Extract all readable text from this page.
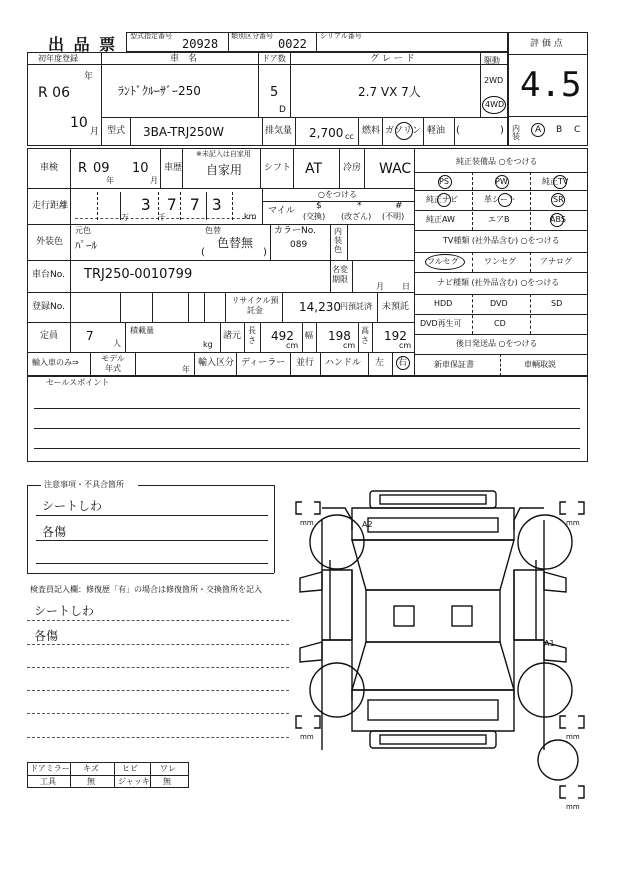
出 品 票 型式指定番号
20928
類別区分番号
0022
シリアル番号
評 価 点
4.5
内装
A B C
初年度登録
R 06
年
10
月
車　名
ﾗﾝﾄﾞｸﾙｰｻﾞｰ250
ドア数
5
D
グ レ ー ド
2.7 VX 7人
駆動
2WD
4WD
型式 3BA-TRJ250W	排気量 2,700 cc
燃料 ガソリン 軽油 (	)
車検 R 09
年
10
月
車歴
※未記入は自家用
自家用 シフト AT 冷房 WAC
走行距離
万
3
千
7 7 3
km
○をつける
マイル $
(交換)
*
(改ざん)
#
(不明)
外装色
元色
ﾊﾟｰﾙ
色替
色替無
(	)
カラーNo.
089
内装色
車台No. TRJ250-0010799	名変期限
月 日
登録No.
リサイクル預託金	14,230 円預託済 未預託
定員 7
人
積載量
kg
諸元
長さ 492
cm
幅 198
cm
高さ 192
cm
輸入車のみ⇒	モデル年式	年
輸入区分 ディーラー 並行 ハンドル 左 右
純正装備品 ○をつける
PS	PW	純正TV
純正ナビ	革シート	SR
純正AW	エアB	ABS
TV種類 (社外品含む) ○をつける
フルセグ	ワンセグ	アナログ
ナビ種類 (社外品含む) ○をつける
HDD	DVD	SD
DVD再生可	CD
後日発送品 ○をつける
新車保証書	車輌取説
セールスポイント
注意事項・不具合箇所
シートしわ
各傷
検査員記入欄：修復歴「有」の場合は修復箇所・交換箇所を記入
シートしわ
各傷
ドアミラー キズ	ヒビ	ワレ
工具	無	ジャッキ 無
A2
A1
mm	mm
mm	mm
mm
